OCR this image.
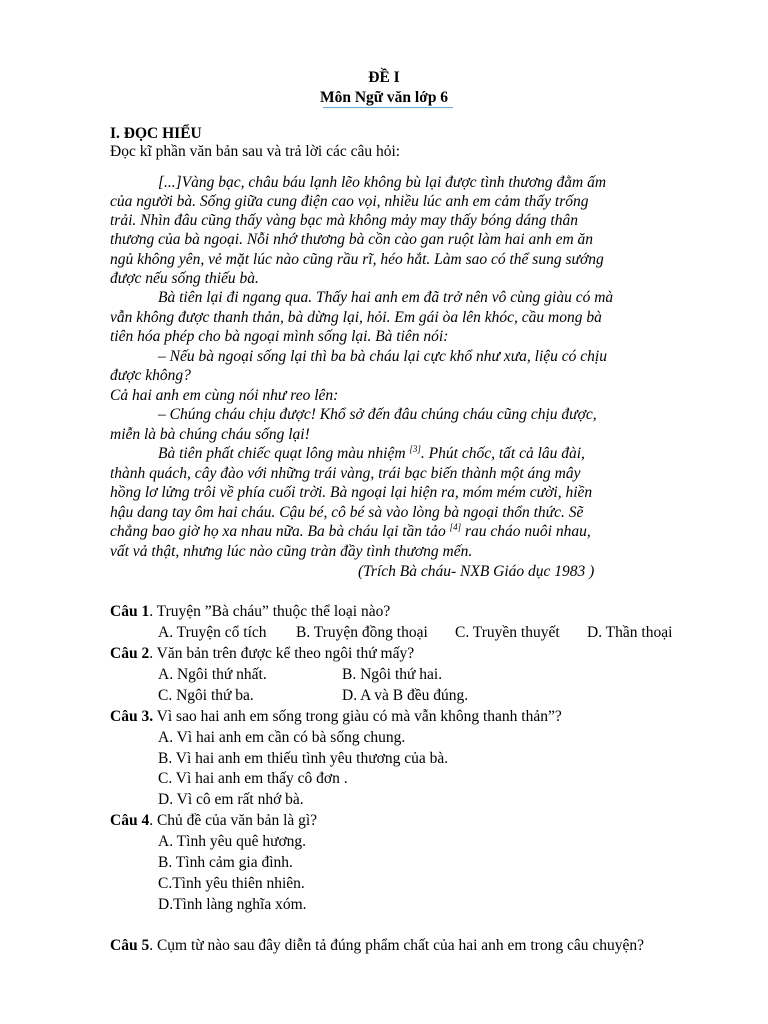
ĐỀ I
Môn Ngữ văn lớp 6
I. ĐỌC HIỂU
Đọc kĩ phần văn bản sau và trả lời các câu hỏi:
[...]Vàng bạc, châu báu lạnh lẽo không bù lại được tình thương đằm ấm
của người bà. Sống giữa cung điện cao vọi, nhiều lúc anh em cảm thấy trống
trải. Nhìn đâu cũng thấy vàng bạc mà không mảy may thấy bóng dáng thân
thương của bà ngoại. Nỗi nhớ thương bà cồn cào gan ruột làm hai anh em ăn
ngủ không yên, vẻ mặt lúc nào cũng rầu rĩ, héo hắt. Làm sao có thể sung sướng
được nếu sống thiếu bà.
Bà tiên lại đi ngang qua. Thấy hai anh em đã trở nên vô cùng giàu có mà
vẫn không được thanh thản, bà dừng lại, hỏi. Em gái òa lên khóc, cầu mong bà
tiên hóa phép cho bà ngoại mình sống lại. Bà tiên nói:
– Nếu bà ngoại sống lại thì ba bà cháu lại cực khổ như xưa, liệu có chịu
được không?
Cả hai anh em cùng nói như reo lên:
– Chúng cháu chịu được! Khổ sở đến đâu chúng cháu cũng chịu được,
miễn là bà chúng cháu sống lại!
Bà tiên phất chiếc quạt lông màu nhiệm [3]. Phút chốc, tất cả lâu đài,
thành quách, cây đào với những trái vàng, trái bạc biến thành một áng mây
hồng lơ lửng trôi về phía cuối trời. Bà ngoại lại hiện ra, móm mém cười, hiền
hậu dang tay ôm hai cháu. Cậu bé, cô bé sà vào lòng bà ngoại thổn thức. Sẽ
chẳng bao giờ họ xa nhau nữa. Ba bà cháu lại tần tảo [4] rau cháo nuôi nhau,
vất vả thật, nhưng lúc nào cũng tràn đầy tình thương mến.
(Trích Bà cháu- NXB Giáo dục 1983 )
Câu 1. Truyện ”Bà cháu” thuộc thể loại nào?
A. Truyện cổ tích B. Truyện đồng thoại C. Truyền thuyết D. Thần thoại
Câu 2. Văn bản trên được kể theo ngôi thứ mấy?
A. Ngôi thứ nhất.	B. Ngôi thứ hai.
C. Ngôi thứ ba.	D. A và B đều đúng.
Câu 3. Vì sao hai anh em sống trong giàu có mà vẫn không thanh thản”?
A. Vì hai anh em cần có bà sống chung.
B. Vì hai anh em thiếu tình yêu thương của bà.
C. Vì hai anh em thấy cô đơn .
D. Vì cô em rất nhớ bà.
Câu 4. Chủ đề của văn bản là gì?
A. Tình yêu quê hương.
B. Tình cảm gia đình.
C.Tình yêu thiên nhiên.
D.Tình làng nghĩa xóm.
Câu 5. Cụm từ nào sau đây diễn tả đúng phẩm chất của hai anh em trong câu chuyện?
